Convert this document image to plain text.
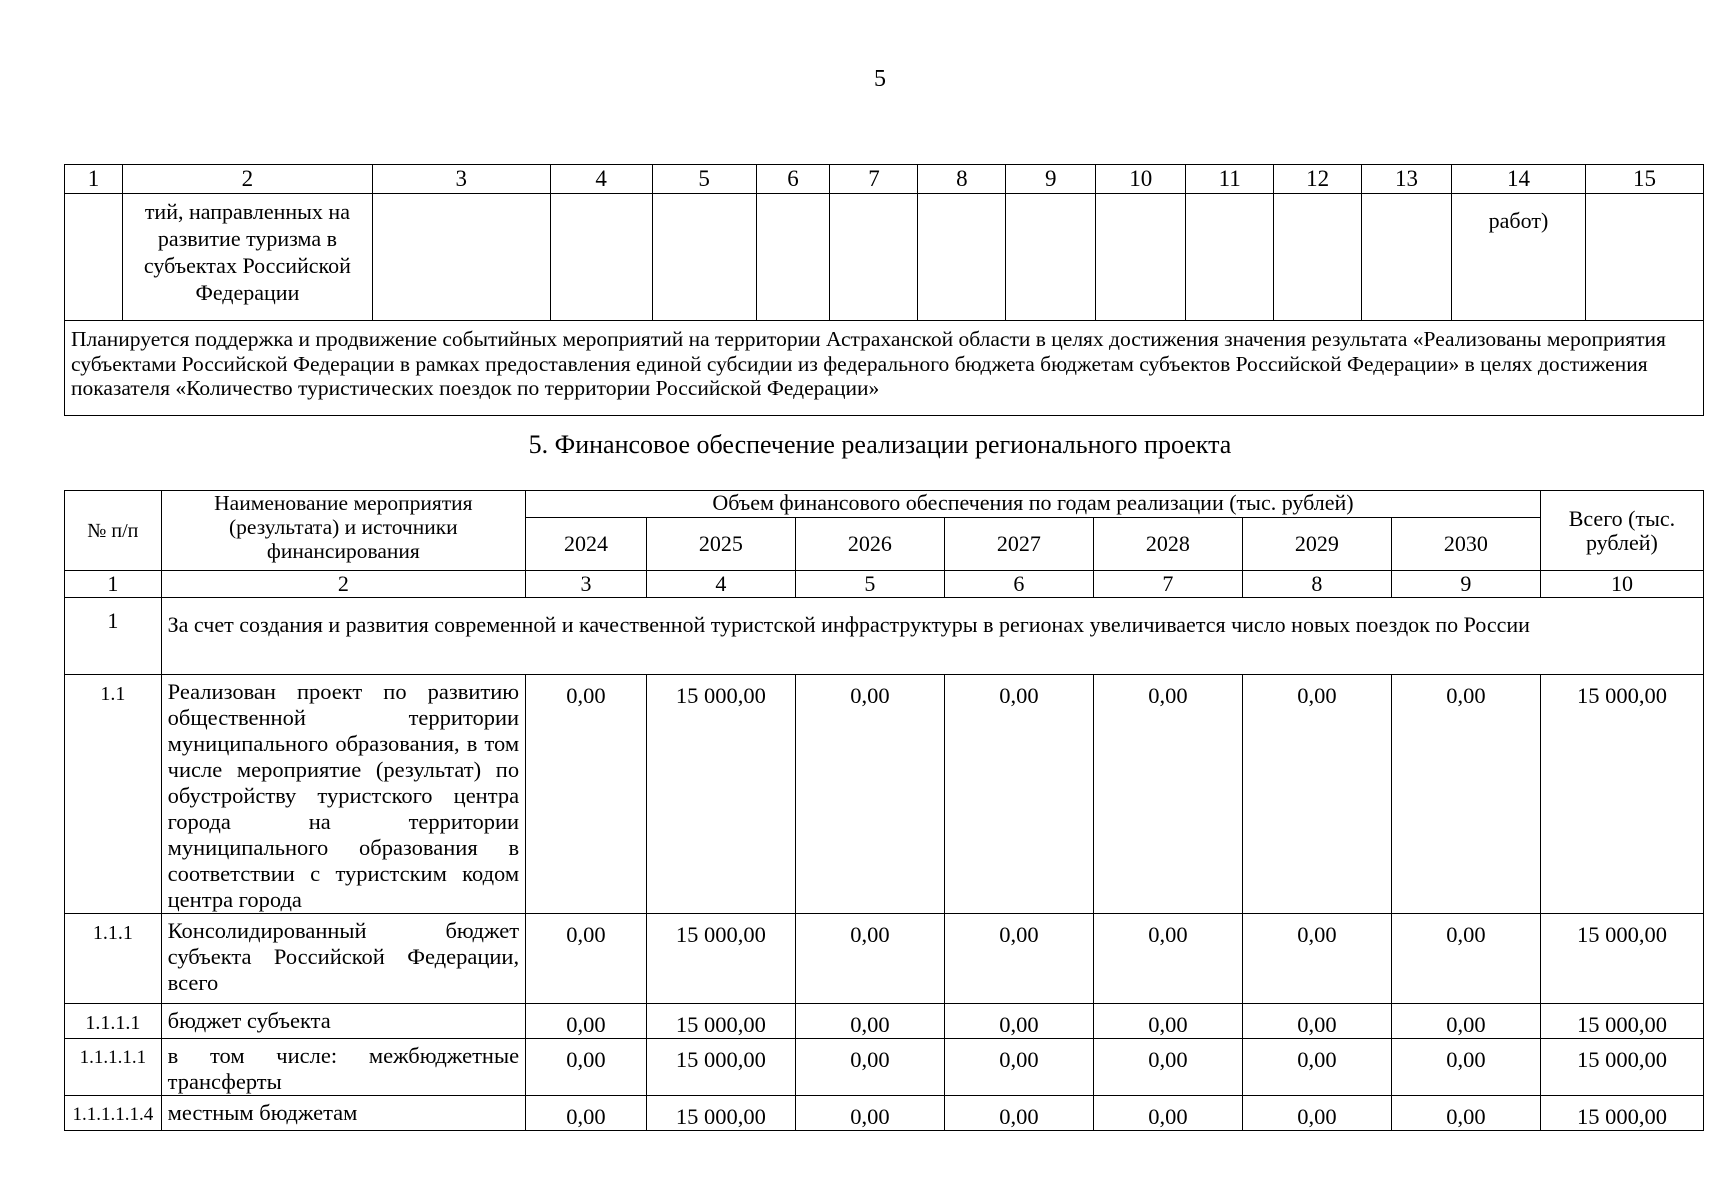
5
1	2	3	4	5	6	7	8	9	10	11	12	13	14	15
	тий, направленных на развитие туризма в субъектах Российской Федерации												работ)	
Планируется поддержка и продвижение событийных мероприятий на территории Астраханской области в целях достижения значения результата «Реализованы мероприятия субъектами Российской Федерации в рамках предоставления единой субсидии из федерального бюджета бюджетам субъектов Российской Федерации» в целях достижения показателя «Количество туристических поездок по территории Российской Федерации»														
5. Финансовое обеспечение реализации регионального проекта
№ п/п	Наименование мероприятия (результата) и источники финансирования	Объем финансового обеспечения по годам реализации (тыс. рублей)							Всего (тыс. рублей)
		2024	2025	2026	2027	2028	2029	2030	
1	2	3	4	5	6	7	8	9	10
1	За счет создания и развития современной и качественной туристской инфраструктуры в регионах увеличивается число новых поездок по России								
1.1	Реализован проект по развитию общественной территории муниципального образования, в том числе мероприятие (результат) по обустройству туристского центра города на территории муниципального образования в соответствии с туристским кодом центра города	0,00	15 000,00	0,00	0,00	0,00	0,00	0,00	15 000,00
1.1.1	Консолидированный бюджет субъекта Российской Федерации, всего	0,00	15 000,00	0,00	0,00	0,00	0,00	0,00	15 000,00
1.1.1.1	бюджет субъекта	0,00	15 000,00	0,00	0,00	0,00	0,00	0,00	15 000,00
1.1.1.1.1	в том числе: межбюджетные трансферты	0,00	15 000,00	0,00	0,00	0,00	0,00	0,00	15 000,00
1.1.1.1.1.4	местным бюджетам	0,00	15 000,00	0,00	0,00	0,00	0,00	0,00	15 000,00
